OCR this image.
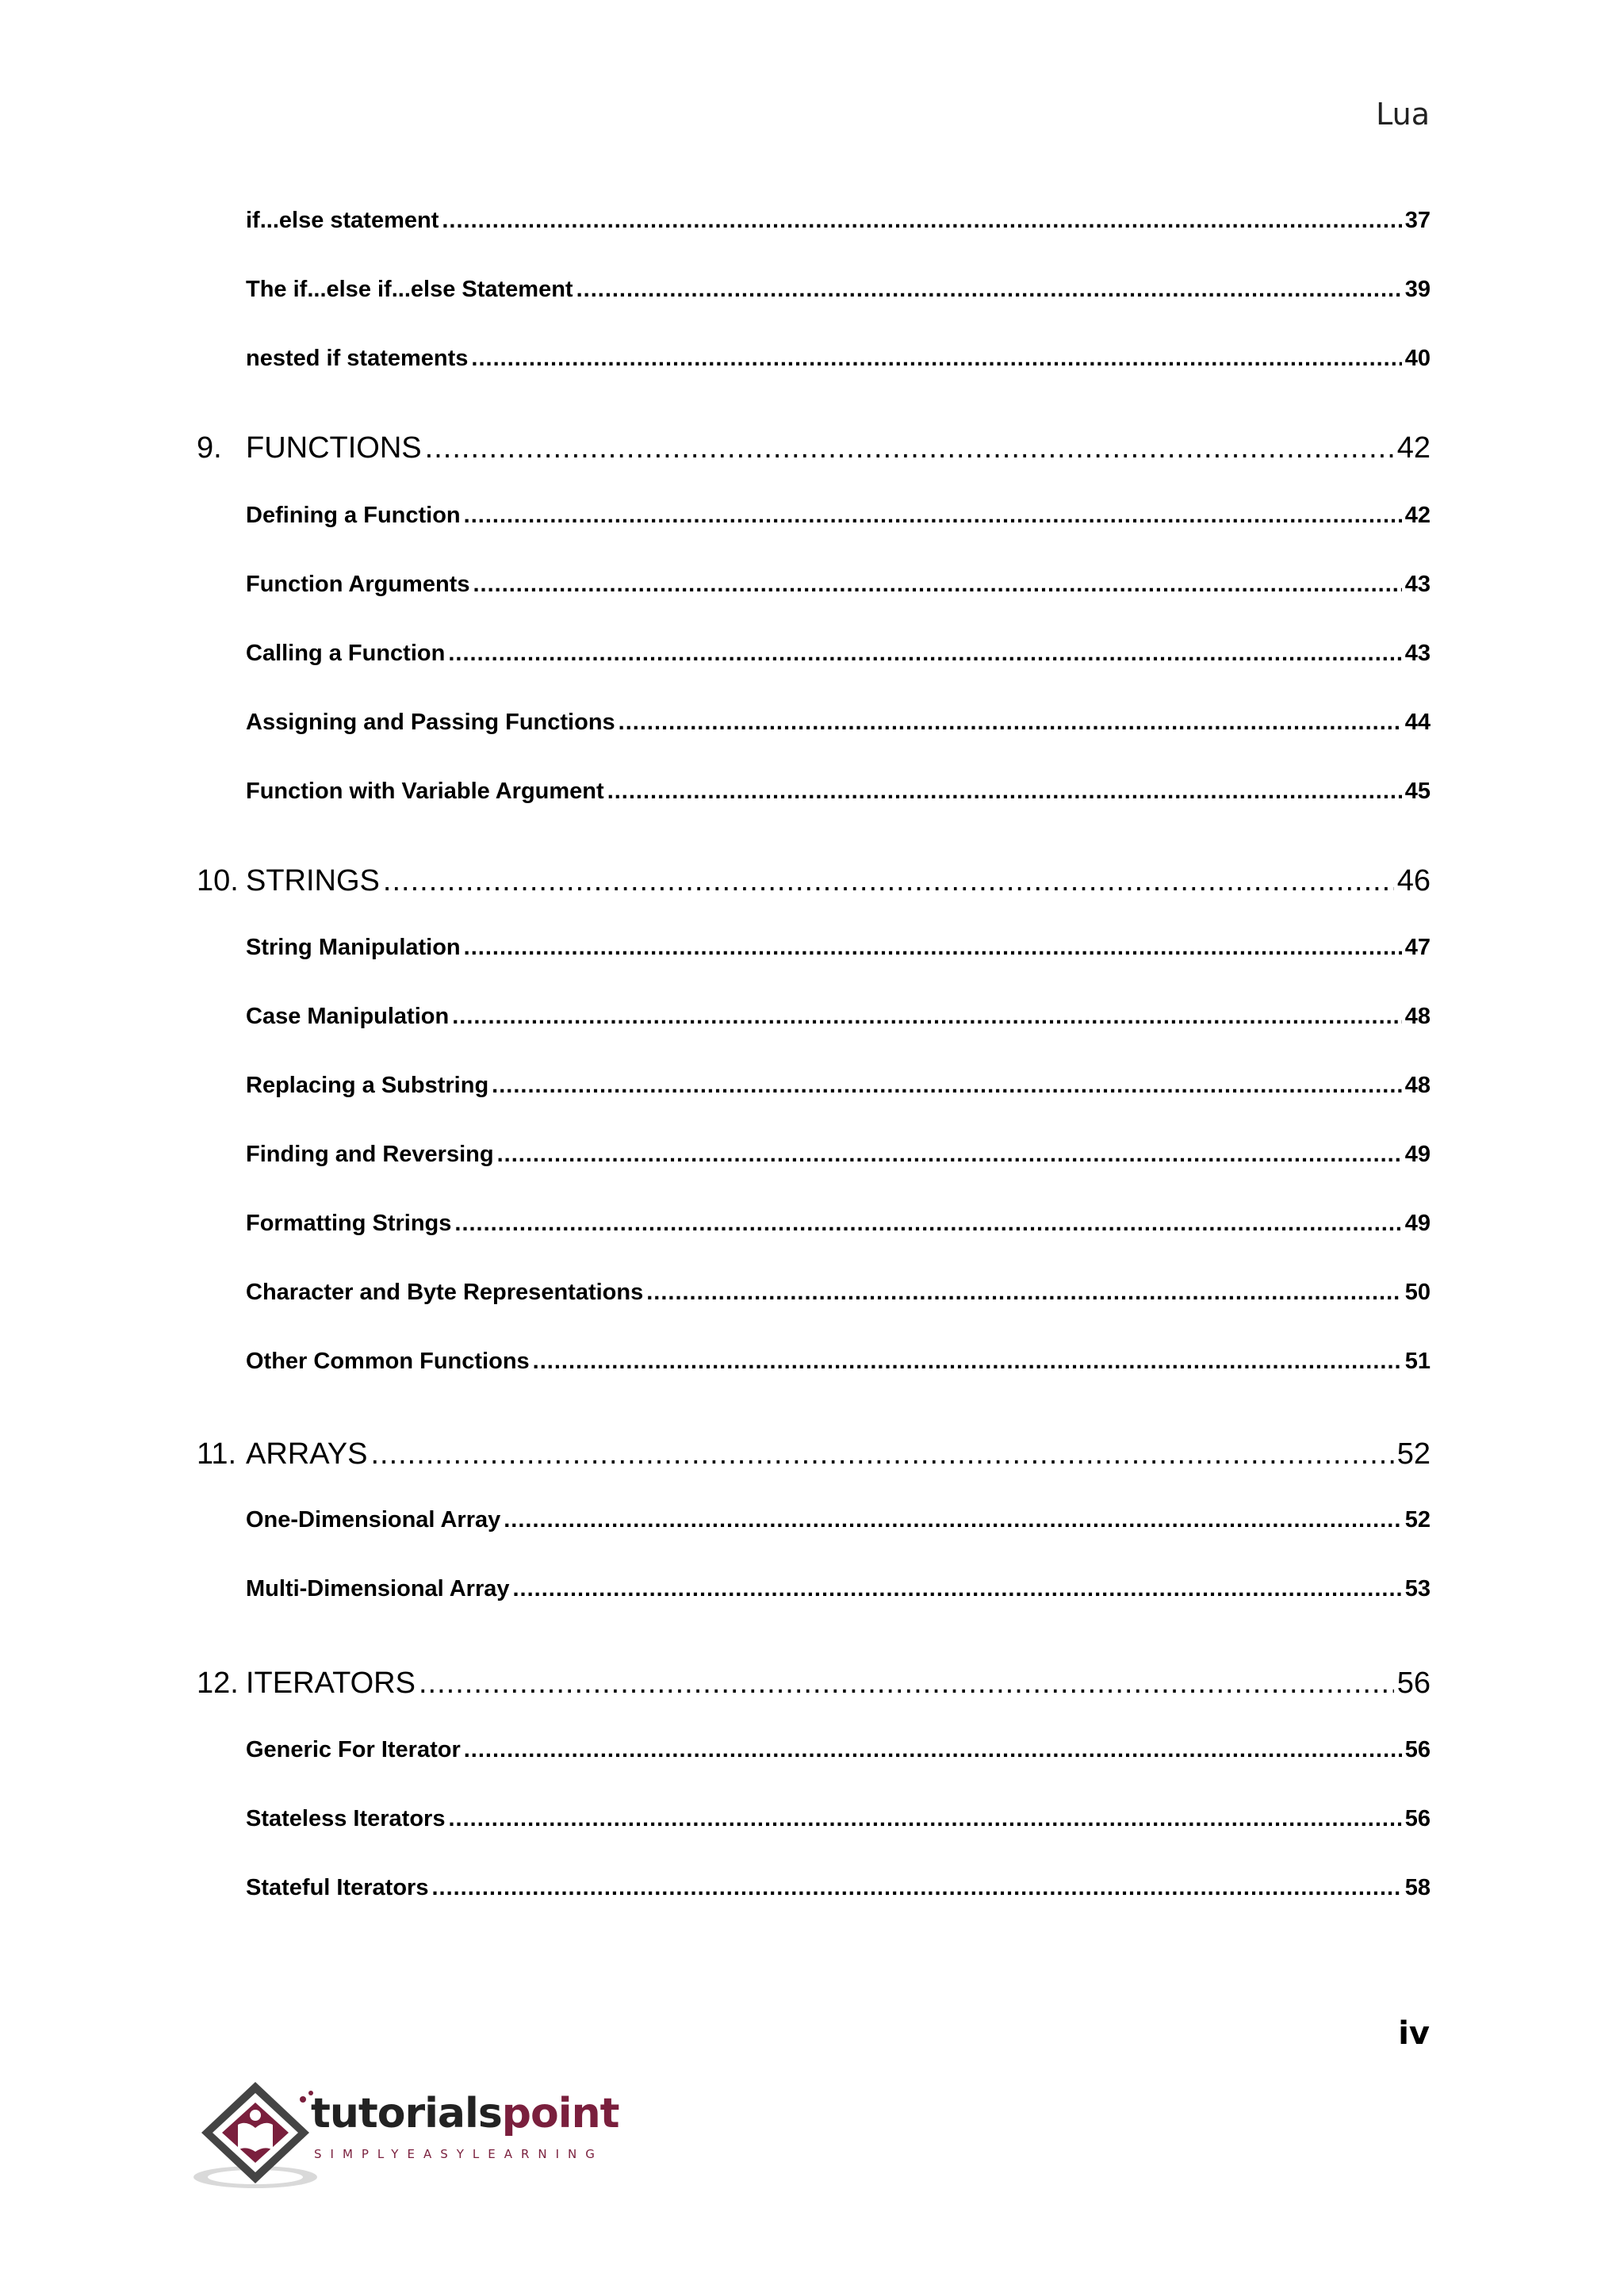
Lua
if...else statement .....	37
The if...else if...else Statement .....	39
nested if statements .....	40
9. FUNCTIONS .....	42
Defining a Function .....	42
Function Arguments .....	43
Calling a Function .....	43
Assigning and Passing Functions .....	44
Function with Variable Argument .....	45
10. STRINGS .....	46
String Manipulation .....	47
Case Manipulation .....	48
Replacing a Substring .....	48
Finding and Reversing .....	49
Formatting Strings .....	49
Character and Byte Representations .....	50
Other Common Functions .....	51
11. ARRAYS .....	52
One-Dimensional Array .....	52
Multi-Dimensional Array .....	53
12. ITERATORS .....	56
Generic For Iterator .....	56
Stateless Iterators .....	56
Stateful Iterators .....	58
iv
tutorialspoint
SIMPLYEASYLEARNING
